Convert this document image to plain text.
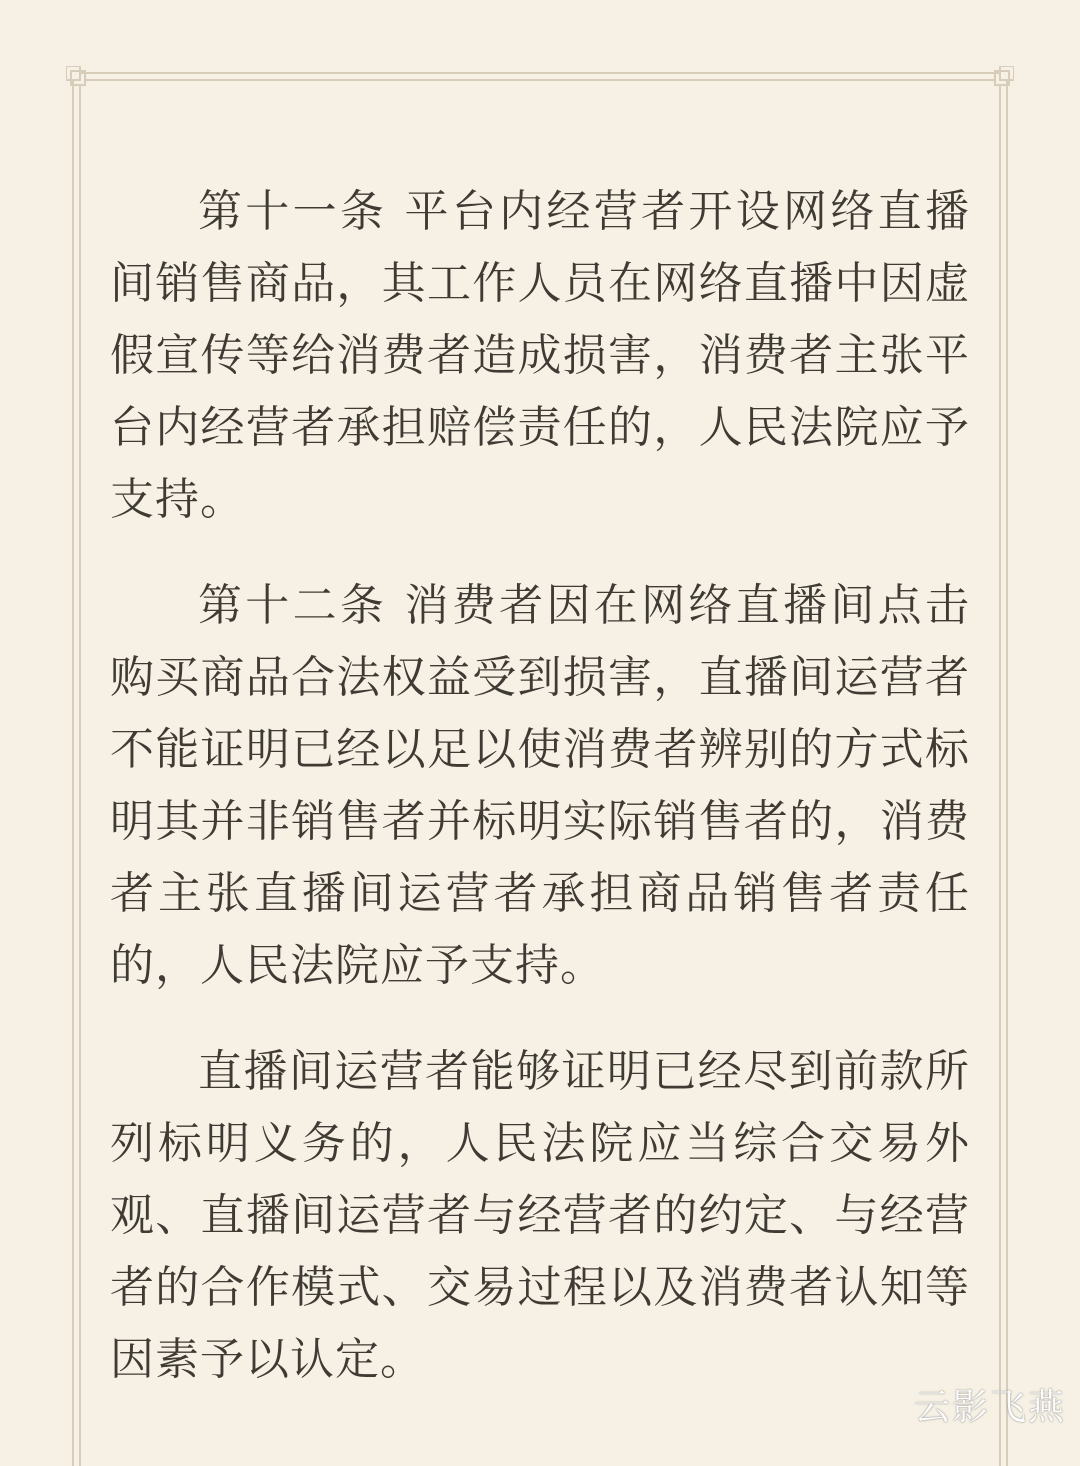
第十一条 平台内经营者开设网络直播间销售商品，其工作人员在网络直播中因虚假宣传等给消费者造成损害，消费者主张平台内经营者承担赔偿责任的，人民法院应予支持。

第十二条 消费者因在网络直播间点击购买商品合法权益受到损害，直播间运营者不能证明已经以足以使消费者辨别的方式标明其并非销售者并标明实际销售者的，消费者主张直播间运营者承担商品销售者责任的，人民法院应予支持。

直播间运营者能够证明已经尽到前款所列标明义务的，人民法院应当综合交易外观、直播间运营者与经营者的约定、与经营者的合作模式、交易过程以及消费者认知等因素予以认定。

云影飞燕
